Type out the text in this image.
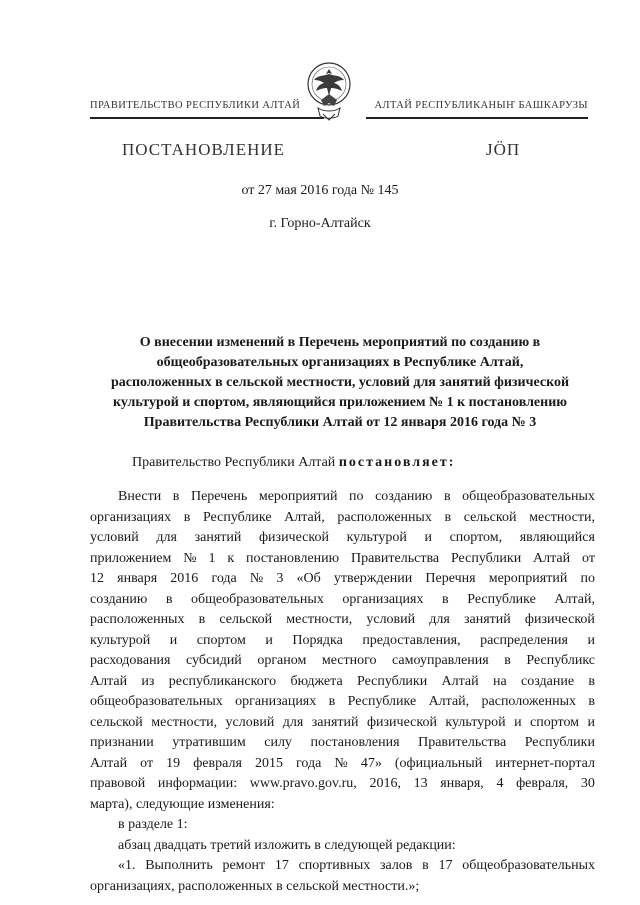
ПРАВИТЕЛЬСТВО РЕСПУБЛИКИ АЛТАЙ	АЛТАЙ РЕСПУБЛИКАНЫҤ БАШКАРУЗЫ
ПОСТАНОВЛЕНИЕ	JÖП
от 27 мая 2016 года № 145
г. Горно-Алтайск
О внесении изменений в Перечень мероприятий по созданию в
общеобразовательных организациях в Республике Алтай,
расположенных в сельской местности, условий для занятий физической
культурой и спортом, являющийся приложением № 1 к постановлению
Правительства Республики Алтай от 12 января 2016 года № 3
Правительство Республики Алтай постановляет:
Внести в Перечень мероприятий по созданию в общеобразовательных
организациях в Республике Алтай, расположенных в сельской местности,
условий для занятий физической культурой и спортом, являющийся
приложением № 1 к постановлению Правительства Республики Алтай от
12 января 2016 года № 3 «Об утверждении Перечня мероприятий по
созданию в общеобразовательных организациях в Республике Алтай,
расположенных в сельской местности, условий для занятий физической
культурой и спортом и Порядка предоставления, распределения и
расходования субсидий органом местного самоуправления в Республикс
Алтай из республиканского бюджета Республики Алтай на создание в
общеобразовательных организациях в Республике Алтай, расположенных в
сельской местности, условий для занятий физической культурой и спортом и
признании утратившим силу постановления Правительства Республики
Алтай от 19 февраля 2015 года № 47» (официальный интернет-портал
правовой информации: www.pravo.gov.ru, 2016, 13 января, 4 февраля, 30
марта), следующие изменения:
в разделе 1:
абзац двадцать третий изложить в следующей редакции:
«1. Выполнить ремонт 17 спортивных залов в 17 общеобразовательных
организациях, расположенных в сельской местности.»;
